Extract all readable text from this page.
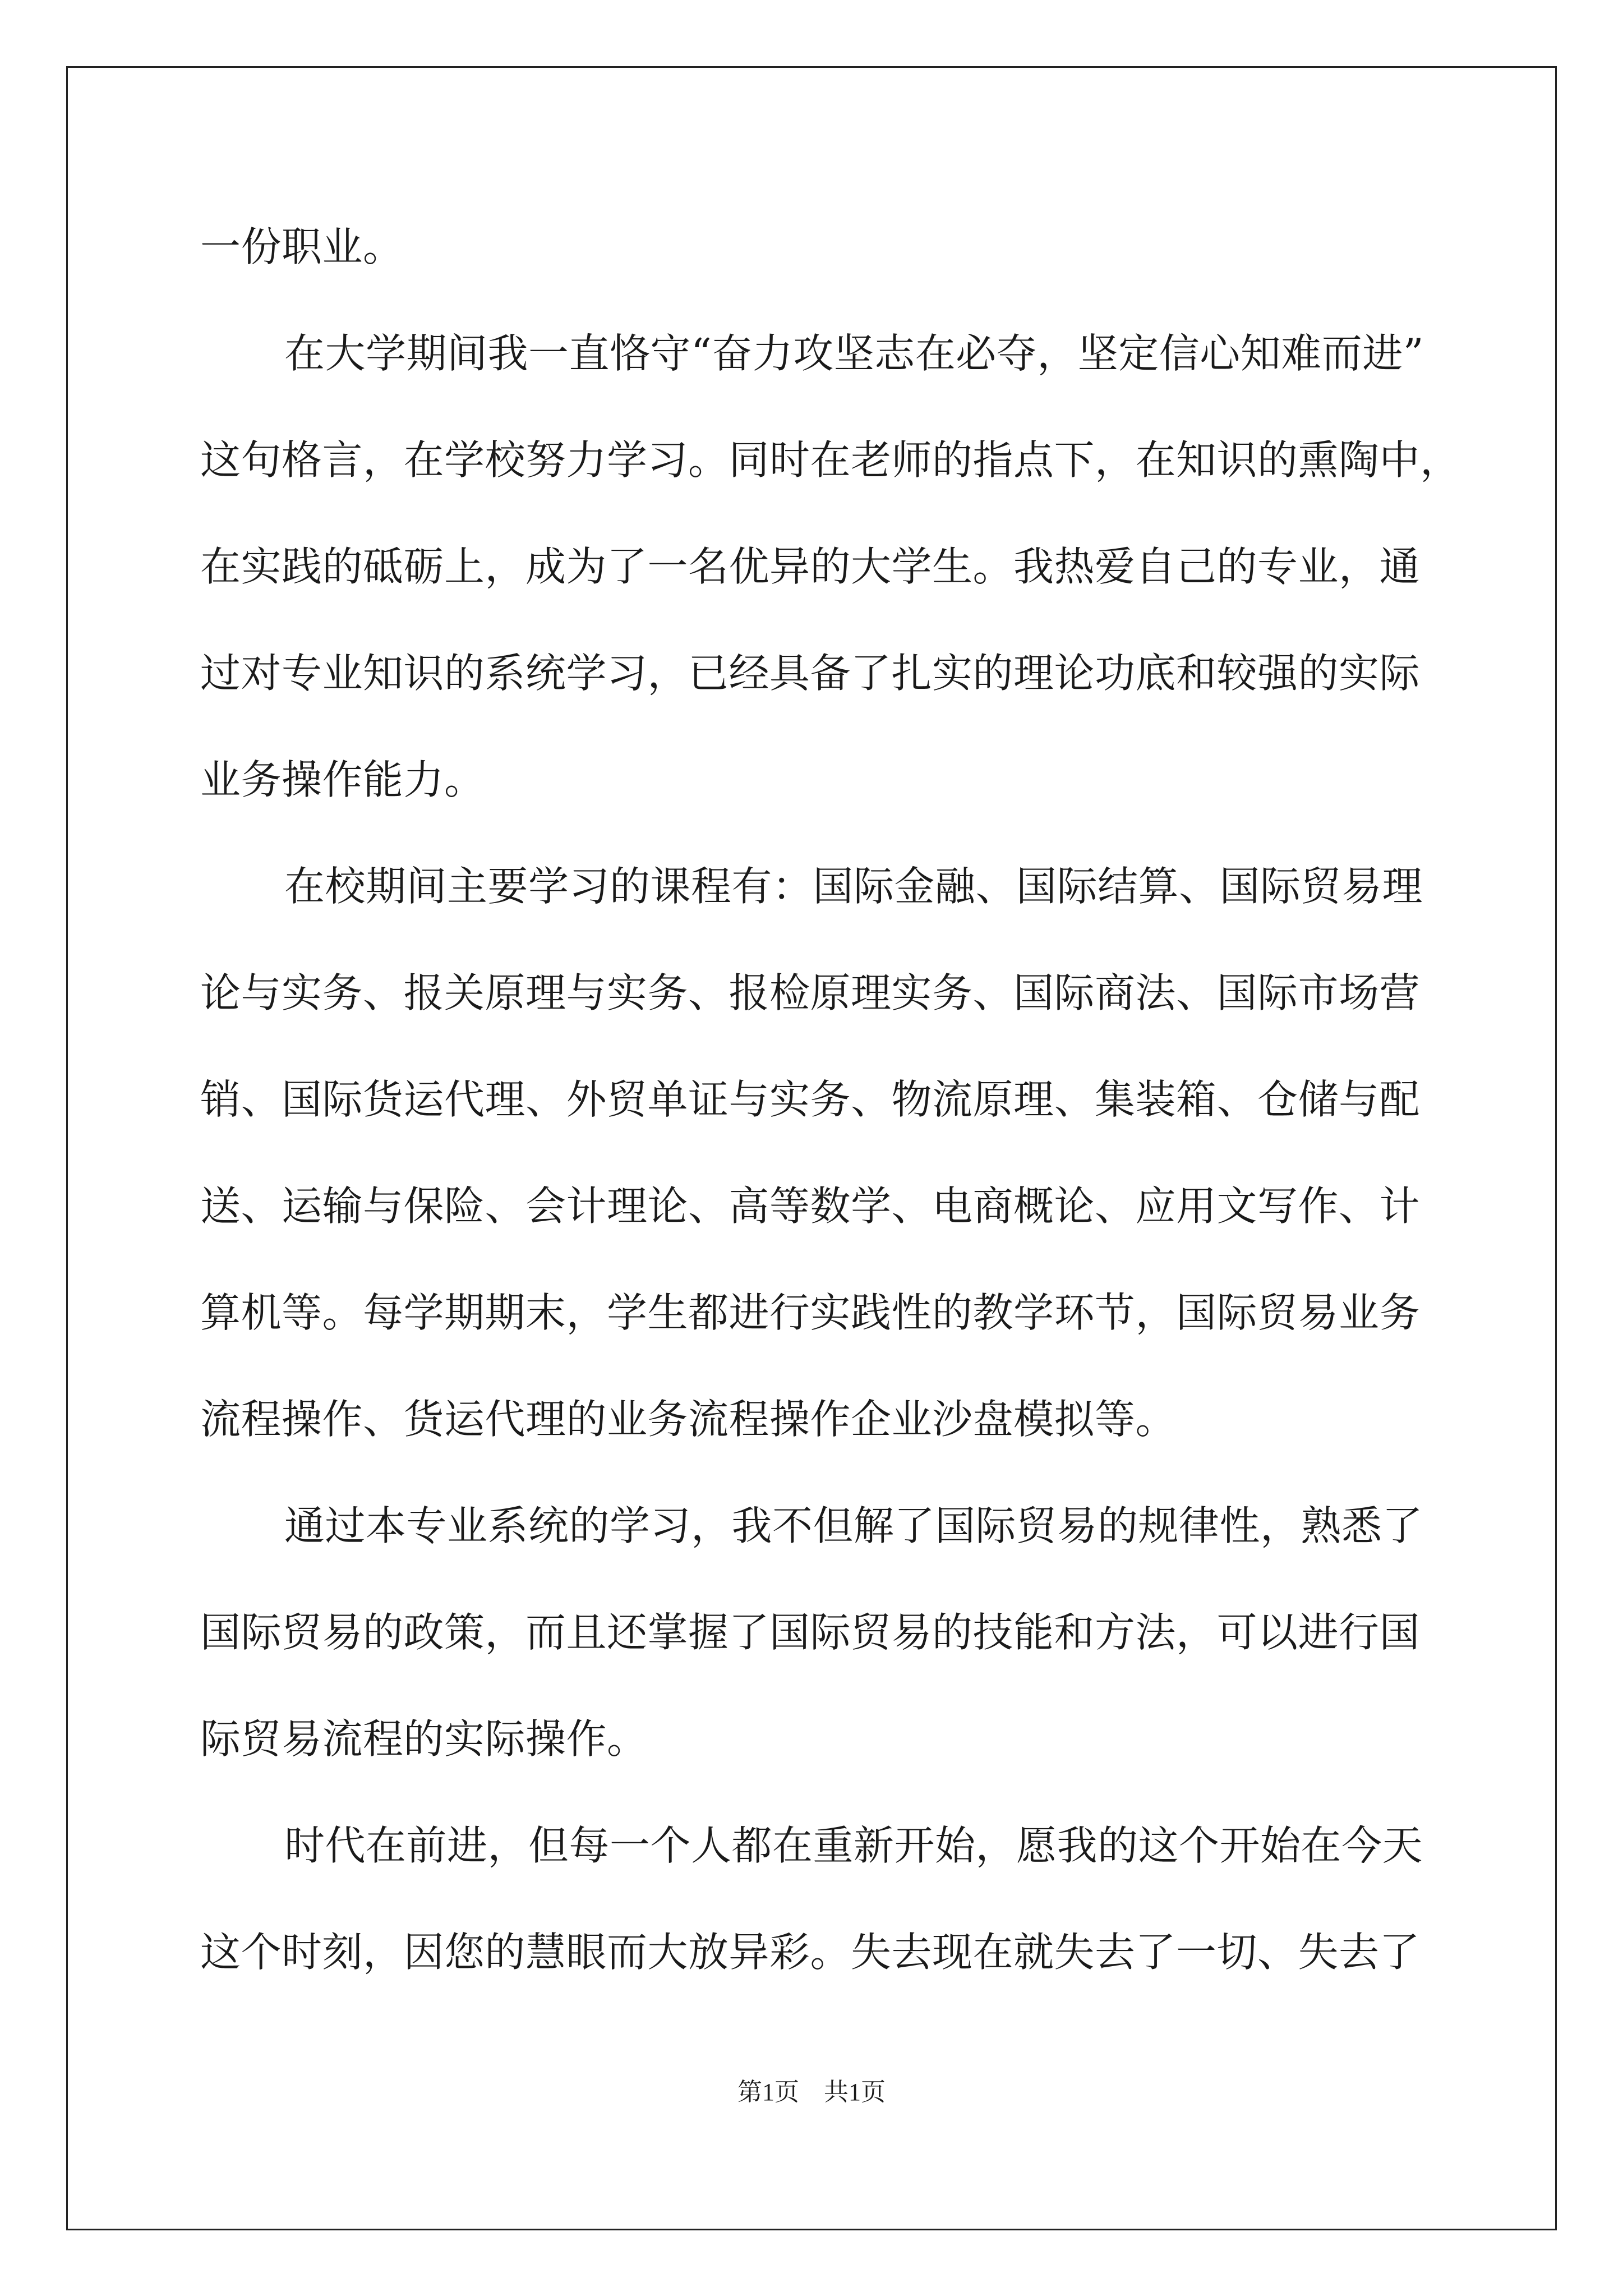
一份职业。
在大学期间我一直恪守“奋力攻坚志在必夺，坚定信心知难而进”
这句格言，在学校努力学习。同时在老师的指点下，在知识的熏陶中，
在实践的砥砺上，成为了一名优异的大学生。我热爱自己的专业，通
过对专业知识的系统学习，已经具备了扎实的理论功底和较强的实际
业务操作能力。
在校期间主要学习的课程有：国际金融、国际结算、国际贸易理
论与实务、报关原理与实务、报检原理实务、国际商法、国际市场营
销、国际货运代理、外贸单证与实务、物流原理、集装箱、仓储与配
送、运输与保险、会计理论、高等数学、电商概论、应用文写作、计
算机等。每学期期末，学生都进行实践性的教学环节，国际贸易业务
流程操作、货运代理的业务流程操作企业沙盘模拟等。
通过本专业系统的学习，我不但解了国际贸易的规律性，熟悉了
国际贸易的政策，而且还掌握了国际贸易的技能和方法，可以进行国
际贸易流程的实际操作。
时代在前进，但每一个人都在重新开始，愿我的这个开始在今天
这个时刻，因您的慧眼而大放异彩。失去现在就失去了一切、失去了
第1页　共1页
